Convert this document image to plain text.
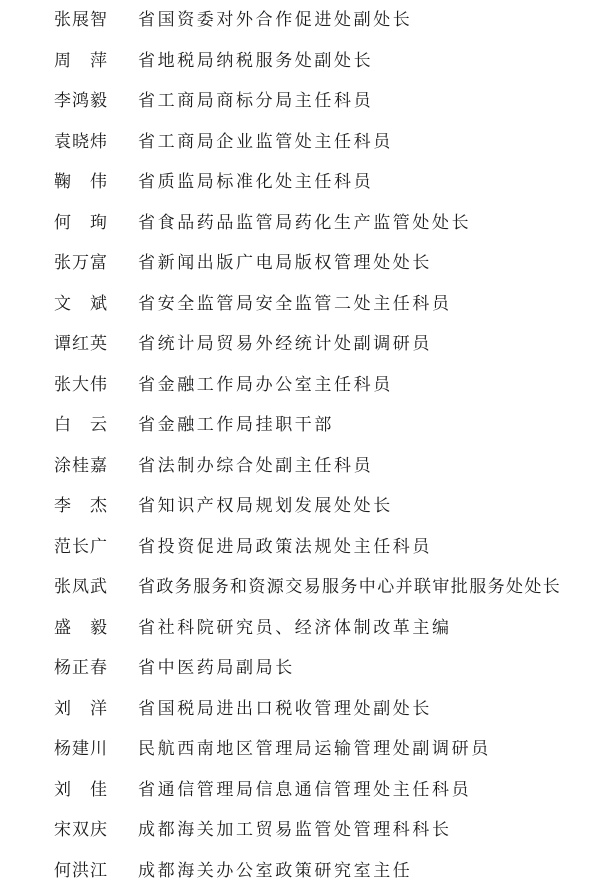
张展智	省国资委对外合作促进处副处长
周　萍	省地税局纳税服务处副处长
李鸿毅	省工商局商标分局主任科员
袁晓炜	省工商局企业监管处主任科员
鞠　伟	省质监局标准化处主任科员
何　珣	省食品药品监管局药化生产监管处处长
张万富	省新闻出版广电局版权管理处处长
文　斌	省安全监管局安全监管二处主任科员
谭红英	省统计局贸易外经统计处副调研员
张大伟	省金融工作局办公室主任科员
白　云	省金融工作局挂职干部
涂桂嘉	省法制办综合处副主任科员
李　杰	省知识产权局规划发展处处长
范长广	省投资促进局政策法规处主任科员
张凤武	省政务服务和资源交易服务中心并联审批服务处处长
盛　毅	省社科院研究员、经济体制改革主编
杨正春	省中医药局副局长
刘　洋	省国税局进出口税收管理处副处长
杨建川	民航西南地区管理局运输管理处副调研员
刘　佳	省通信管理局信息通信管理处主任科员
宋双庆	成都海关加工贸易监管处管理科科长
何洪江	成都海关办公室政策研究室主任
